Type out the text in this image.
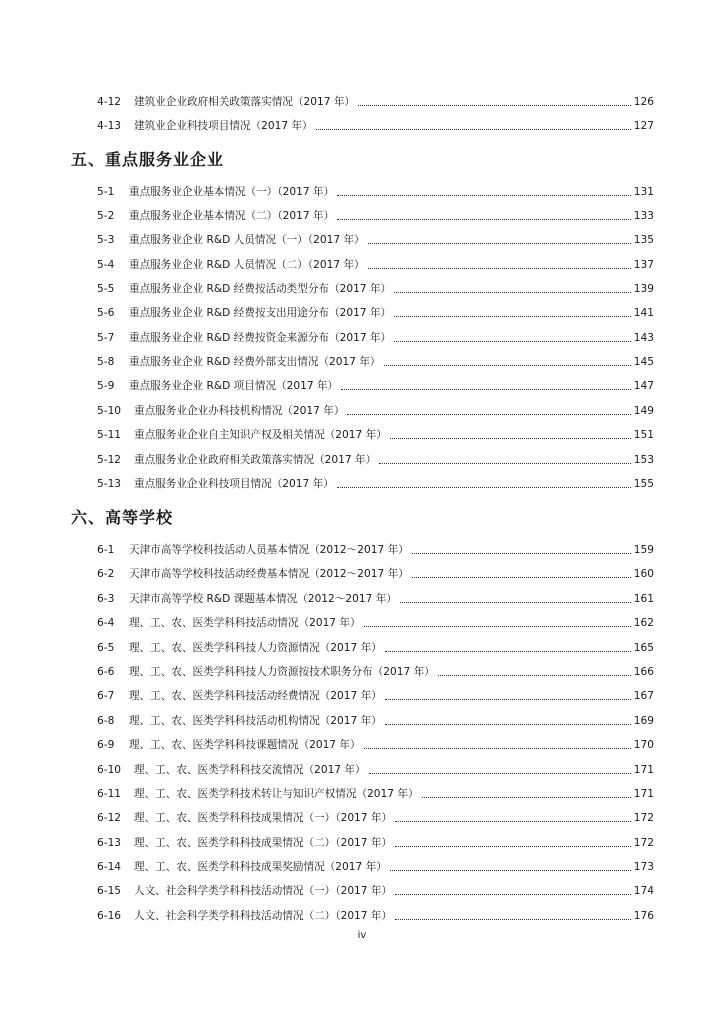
4-12	建筑业企业政府相关政策落实情况（2017 年）	126
4-13	建筑业企业科技项目情况（2017 年）	127
五、重点服务业企业
5-1	重点服务业企业基本情况（一）（2017 年）	131
5-2	重点服务业企业基本情况（二）（2017 年）	133
5-3	重点服务业企业 R&D 人员情况（一）（2017 年）	135
5-4	重点服务业企业 R&D 人员情况（二）（2017 年）	137
5-5	重点服务业企业 R&D 经费按活动类型分布（2017 年）	139
5-6	重点服务业企业 R&D 经费按支出用途分布（2017 年）	141
5-7	重点服务业企业 R&D 经费按资金来源分布（2017 年）	143
5-8	重点服务业企业 R&D 经费外部支出情况（2017 年）	145
5-9	重点服务业企业 R&D 项目情况（2017 年）	147
5-10	重点服务业企业办科技机构情况（2017 年）	149
5-11	重点服务业企业自主知识产权及相关情况（2017 年）	151
5-12	重点服务业企业政府相关政策落实情况（2017 年）	153
5-13	重点服务业企业科技项目情况（2017 年）	155
六、高等学校
6-1	天津市高等学校科技活动人员基本情况（2012～2017 年）	159
6-2	天津市高等学校科技活动经费基本情况（2012～2017 年）	160
6-3	天津市高等学校 R&D 课题基本情况（2012～2017 年）	161
6-4	理、工、农、医类学科科技活动情况（2017 年）	162
6-5	理、工、农、医类学科科技人力资源情况（2017 年）	165
6-6	理、工、农、医类学科科技人力资源按技术职务分布（2017 年）	166
6-7	理、工、农、医类学科科技活动经费情况（2017 年）	167
6-8	理、工、农、医类学科科技活动机构情况（2017 年）	169
6-9	理、工、农、医类学科科技课题情况（2017 年）	170
6-10	理、工、农、医类学科科技交流情况（2017 年）	171
6-11	理、工、农、医类学科技术转让与知识产权情况（2017 年）	171
6-12	理、工、农、医类学科科技成果情况（一）（2017 年）	172
6-13	理、工、农、医类学科科技成果情况（二）（2017 年）	172
6-14	理、工、农、医类学科科技成果奖励情况（2017 年）	173
6-15	人文、社会科学类学科科技活动情况（一）（2017 年）	174
6-16	人文、社会科学类学科科技活动情况（二）（2017 年）	176
iv
